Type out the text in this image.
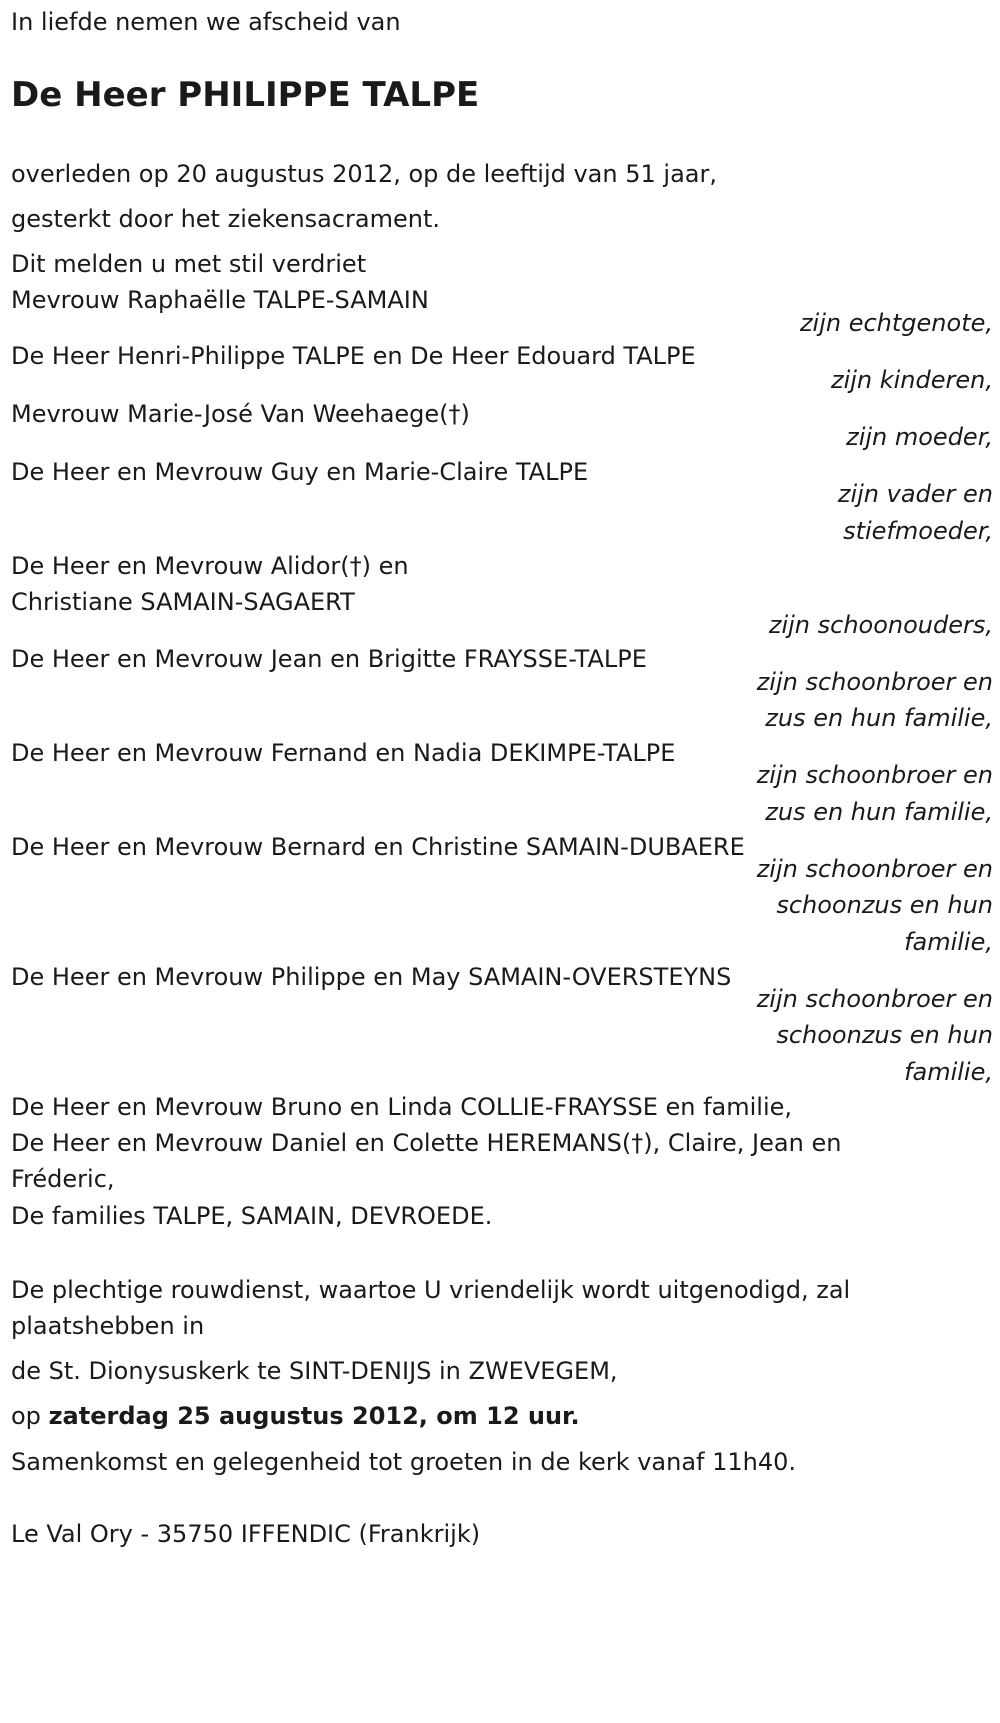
In liefde nemen we afscheid van
De Heer PHILIPPE TALPE
overleden op 20 augustus 2012, op de leeftijd van 51 jaar,
gesterkt door het ziekensacrament.
Dit melden u met stil verdriet
Mevrouw Raphaëlle TALPE-SAMAIN
zijn echtgenote,
De Heer Henri-Philippe TALPE en De Heer Edouard TALPE
zijn kinderen,
Mevrouw Marie-José Van Weehaege(†)
zijn moeder,
De Heer en Mevrouw Guy en Marie-Claire TALPE
zijn vader en
stiefmoeder,
De Heer en Mevrouw Alidor(†) en
Christiane SAMAIN-SAGAERT
zijn schoonouders,
De Heer en Mevrouw Jean en Brigitte FRAYSSE-TALPE
zijn schoonbroer en
zus en hun familie,
De Heer en Mevrouw Fernand en Nadia DEKIMPE-TALPE
zijn schoonbroer en
zus en hun familie,
De Heer en Mevrouw Bernard en Christine SAMAIN-DUBAERE
zijn schoonbroer en
schoonzus en hun
familie,
De Heer en Mevrouw Philippe en May SAMAIN-OVERSTEYNS
zijn schoonbroer en
schoonzus en hun
familie,
De Heer en Mevrouw Bruno en Linda COLLIE-FRAYSSE en familie,
De Heer en Mevrouw Daniel en Colette HEREMANS(†), Claire, Jean en
Fréderic,
De families TALPE, SAMAIN, DEVROEDE.
De plechtige rouwdienst, waartoe U vriendelijk wordt uitgenodigd, zal
plaatshebben in
de St. Dionysuskerk te SINT-DENIJS in ZWEVEGEM,
op zaterdag 25 augustus 2012, om 12 uur.
Samenkomst en gelegenheid tot groeten in de kerk vanaf 11h40.
Le Val Ory - 35750 IFFENDIC (Frankrijk)
